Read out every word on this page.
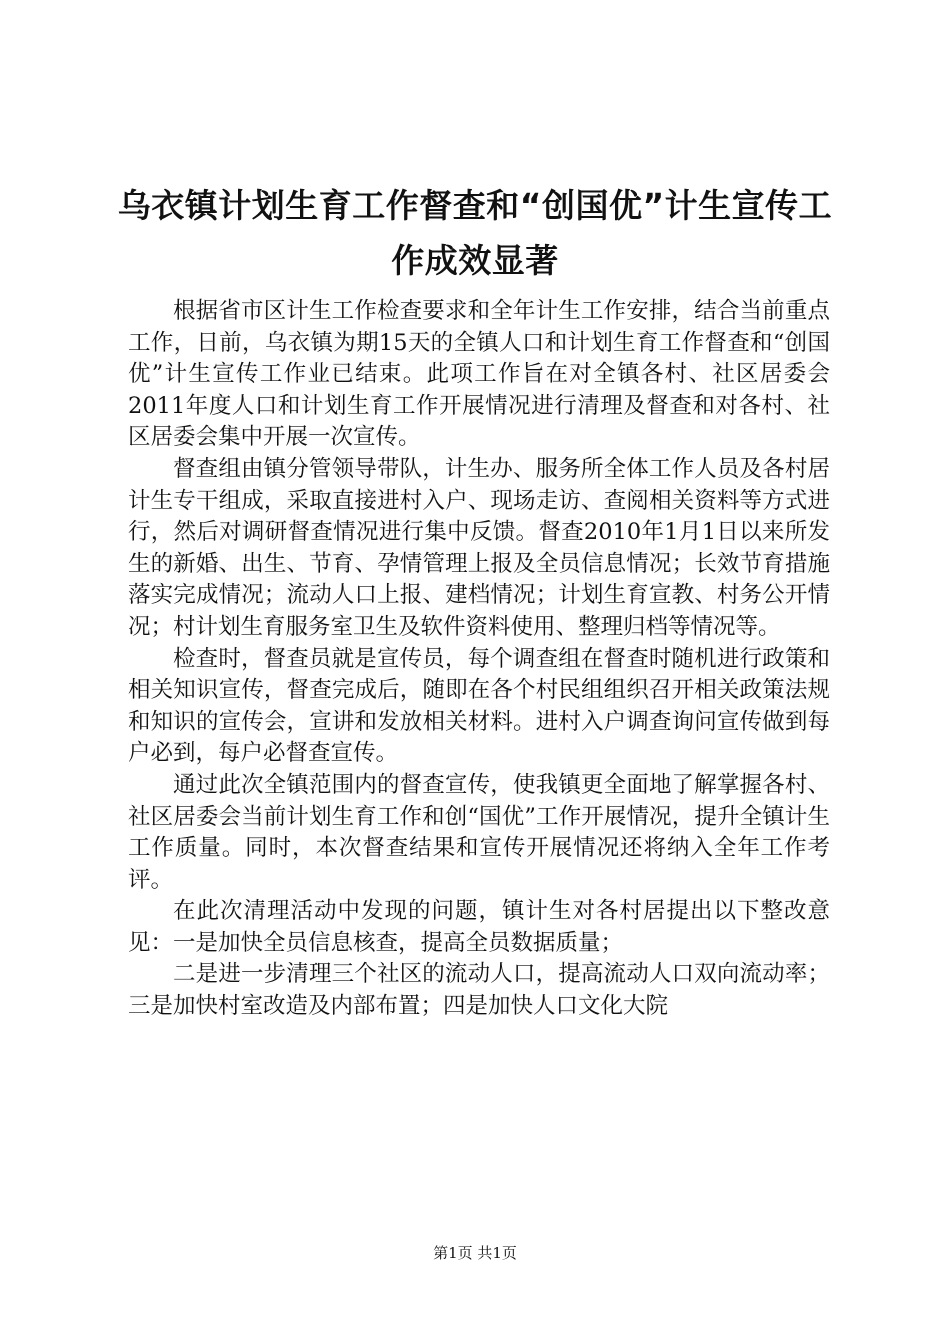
乌衣镇计划生育工作督查和“创国优”计生宣传工作成效显著

根据省市区计生工作检查要求和全年计生工作安排，结合当前重点工作，日前，乌衣镇为期15天的全镇人口和计划生育工作督查和“创国优”计生宣传工作业已结束。此项工作旨在对全镇各村、社区居委会2011年度人口和计划生育工作开展情况进行清理及督查和对各村、社区居委会集中开展一次宣传。

督查组由镇分管领导带队，计生办、服务所全体工作人员及各村居计生专干组成，采取直接进村入户、现场走访、查阅相关资料等方式进行，然后对调研督查情况进行集中反馈。督查2010年1月1日以来所发生的新婚、出生、节育、孕情管理上报及全员信息情况；长效节育措施落实完成情况；流动人口上报、建档情况；计划生育宣教、村务公开情况；村计划生育服务室卫生及软件资料使用、整理归档等情况等。

检查时，督查员就是宣传员，每个调查组在督查时随机进行政策和相关知识宣传，督查完成后，随即在各个村民组组织召开相关政策法规和知识的宣传会，宣讲和发放相关材料。进村入户调查询问宣传做到每户必到，每户必督查宣传。

通过此次全镇范围内的督查宣传，使我镇更全面地了解掌握各村、社区居委会当前计划生育工作和创“国优”工作开展情况，提升全镇计生工作质量。同时，本次督查结果和宣传开展情况还将纳入全年工作考评。

在此次清理活动中发现的问题，镇计生对各村居提出以下整改意见：一是加快全员信息核查，提高全员数据质量；

二是进一步清理三个社区的流动人口，提高流动人口双向流动率；三是加快村室改造及内部布置；四是加快人口文化大院

第1页 共1页
